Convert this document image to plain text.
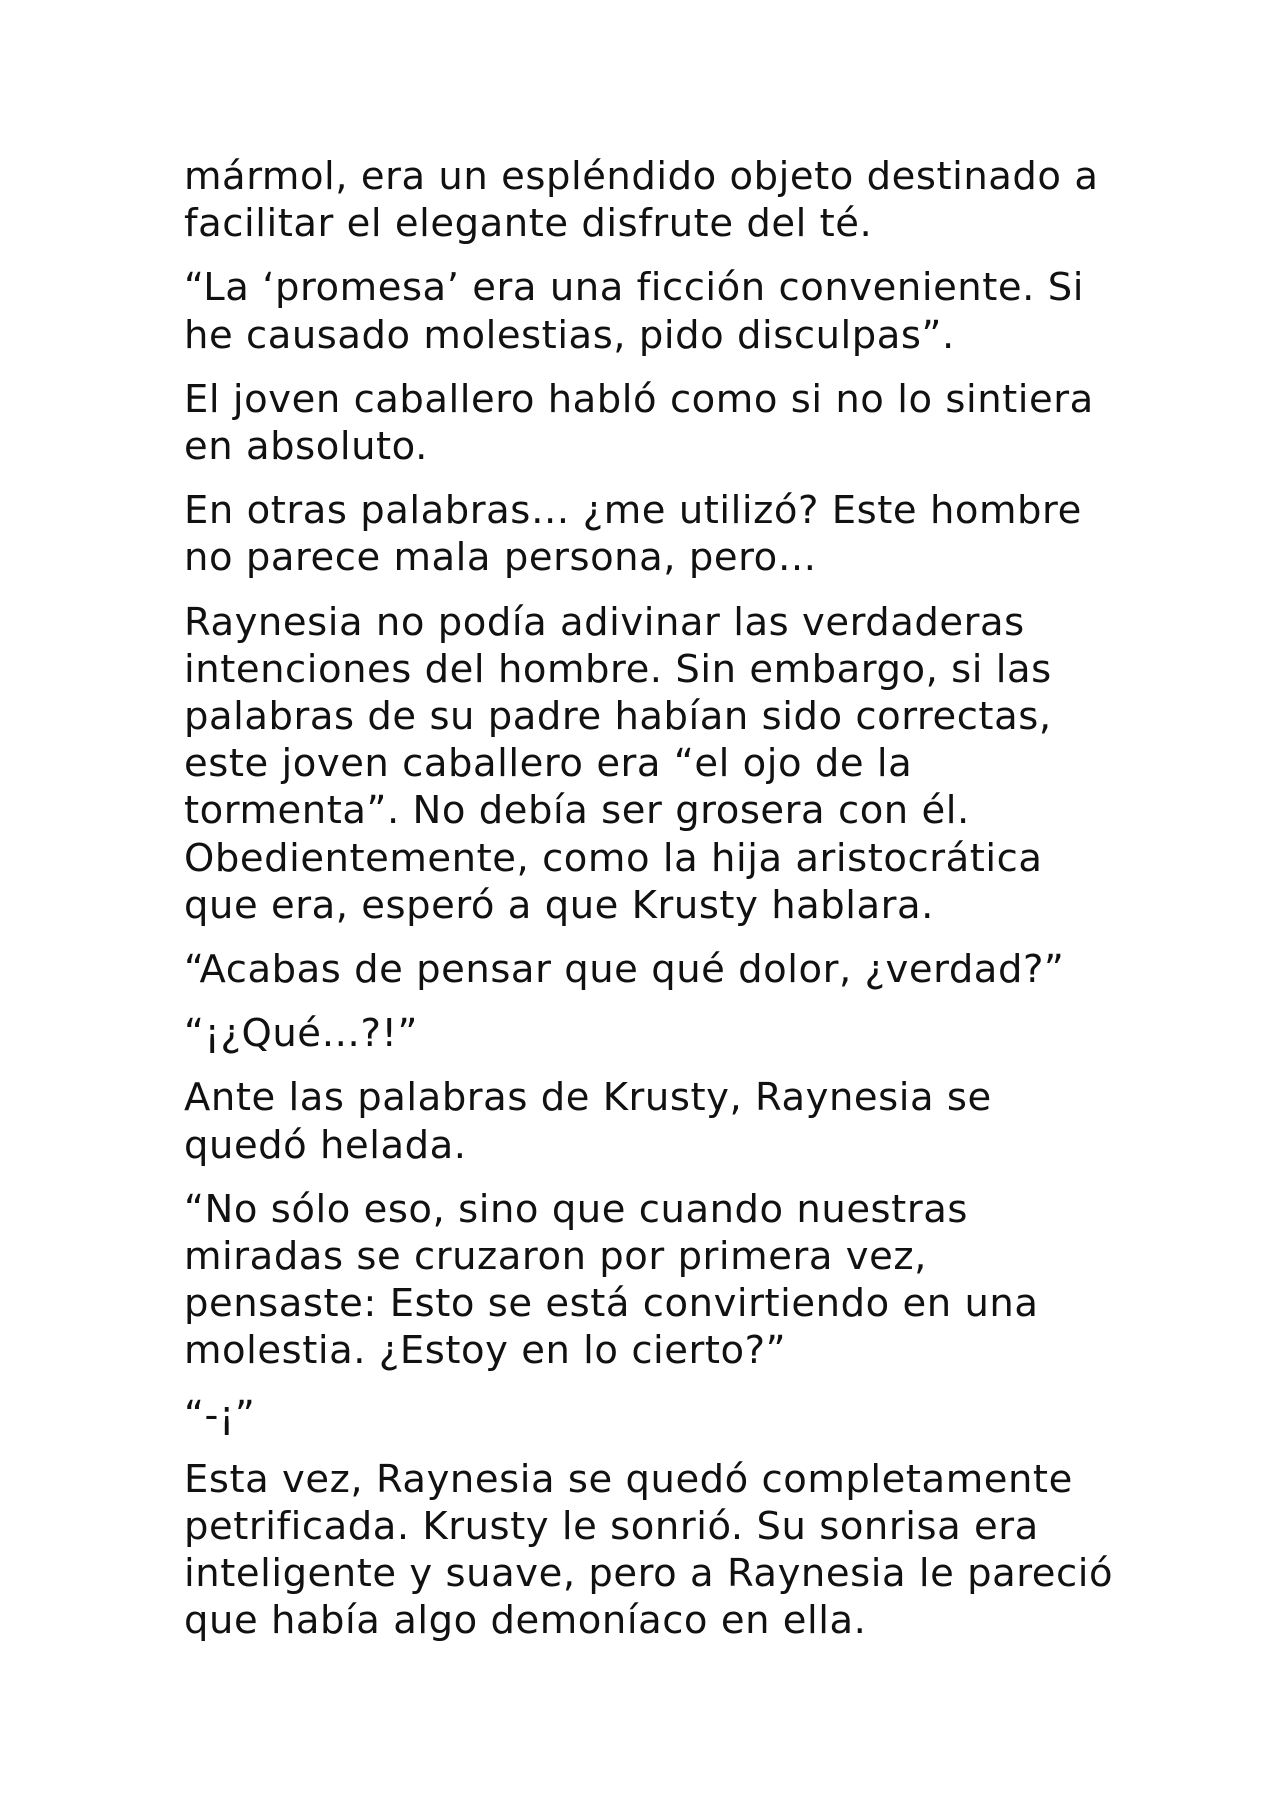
mármol, era un espléndido objeto destinado a
facilitar el elegante disfrute del té.

“La ‘promesa’ era una ficción conveniente. Si
he causado molestias, pido disculpas”.

El joven caballero habló como si no lo sintiera
en absoluto.

En otras palabras… ¿me utilizó? Este hombre
no parece mala persona, pero…

Raynesia no podía adivinar las verdaderas
intenciones del hombre. Sin embargo, si las
palabras de su padre habían sido correctas,
este joven caballero era “el ojo de la
tormenta”. No debía ser grosera con él.
Obedientemente, como la hija aristocrática
que era, esperó a que Krusty hablara.

“Acabas de pensar que qué dolor, ¿verdad?”

“¡¿Qué…?!”

Ante las palabras de Krusty, Raynesia se
quedó helada.

“No sólo eso, sino que cuando nuestras
miradas se cruzaron por primera vez,
pensaste: Esto se está convirtiendo en una
molestia. ¿Estoy en lo cierto?”

“-¡”

Esta vez, Raynesia se quedó completamente
petrificada. Krusty le sonrió. Su sonrisa era
inteligente y suave, pero a Raynesia le pareció
que había algo demoníaco en ella.
